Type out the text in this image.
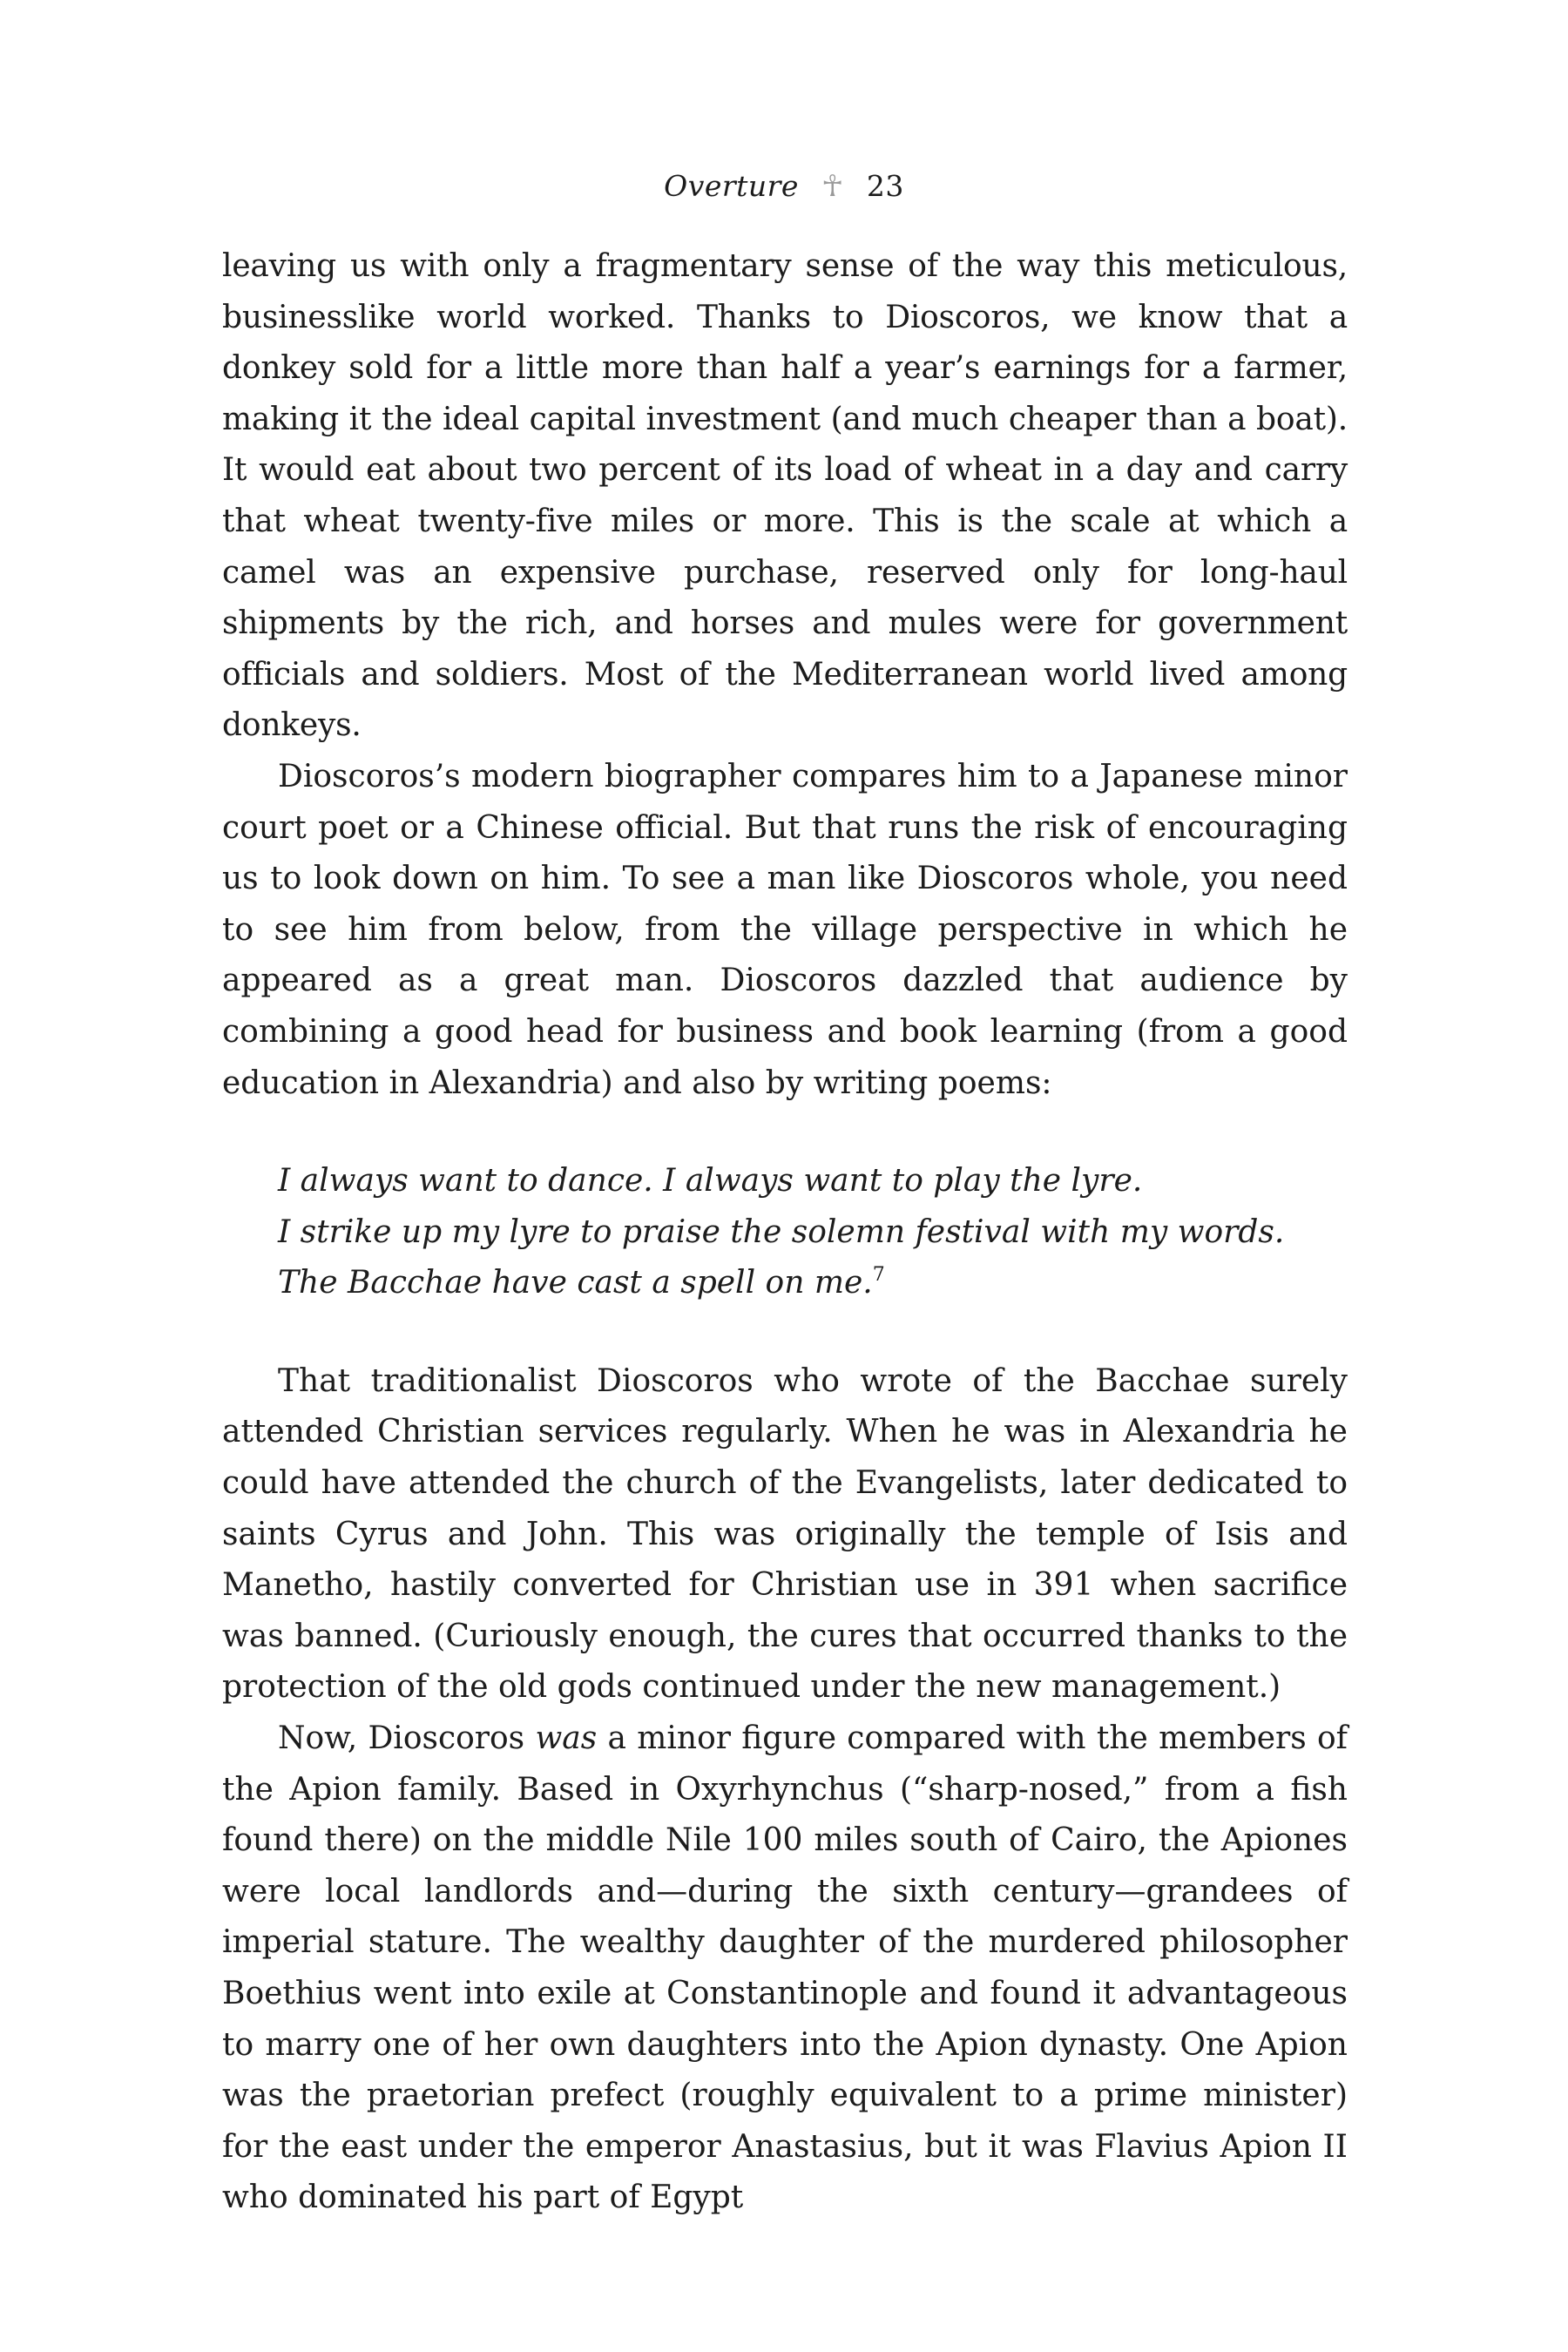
Overture ☥ 23

leaving us with only a fragmentary sense of the way this meticulous, businesslike world worked. Thanks to Dioscoros, we know that a donkey sold for a little more than half a year’s earnings for a farmer, making it the ideal capital investment (and much cheaper than a boat). It would eat about two percent of its load of wheat in a day and carry that wheat twenty-five miles or more. This is the scale at which a camel was an expensive purchase, reserved only for long-haul shipments by the rich, and horses and mules were for government officials and soldiers. Most of the Mediterranean world lived among donkeys.

Dioscoros’s modern biographer compares him to a Japanese minor court poet or a Chinese official. But that runs the risk of encouraging us to look down on him. To see a man like Dioscoros whole, you need to see him from below, from the village perspective in which he appeared as a great man. Dioscoros dazzled that audience by combining a good head for business and book learning (from a good education in Alexandria) and also by writing poems:

I always want to dance. I always want to play the lyre.
I strike up my lyre to praise the solemn festival with my words.
The Bacchae have cast a spell on me.$^7$

That traditionalist Dioscoros who wrote of the Bacchae surely attended Christian services regularly. When he was in Alexandria he could have attended the church of the Evangelists, later dedicated to saints Cyrus and John. This was originally the temple of Isis and Manetho, hastily converted for Christian use in 391 when sacrifice was banned. (Curiously enough, the cures that occurred thanks to the protection of the old gods continued under the new management.)

Now, Dioscoros was a minor figure compared with the members of the Apion family. Based in Oxyrhynchus (“sharp-nosed,” from a fish found there) on the middle Nile 100 miles south of Cairo, the Apiones were local landlords and—during the sixth century—grandees of imperial stature. The wealthy daughter of the murdered philosopher Boethius went into exile at Constantinople and found it advantageous to marry one of her own daughters into the Apion dynasty. One Apion was the praetorian prefect (roughly equivalent to a prime minister) for the east under the emperor Anastasius, but it was Flavius Apion II who dominated his part of Egypt
